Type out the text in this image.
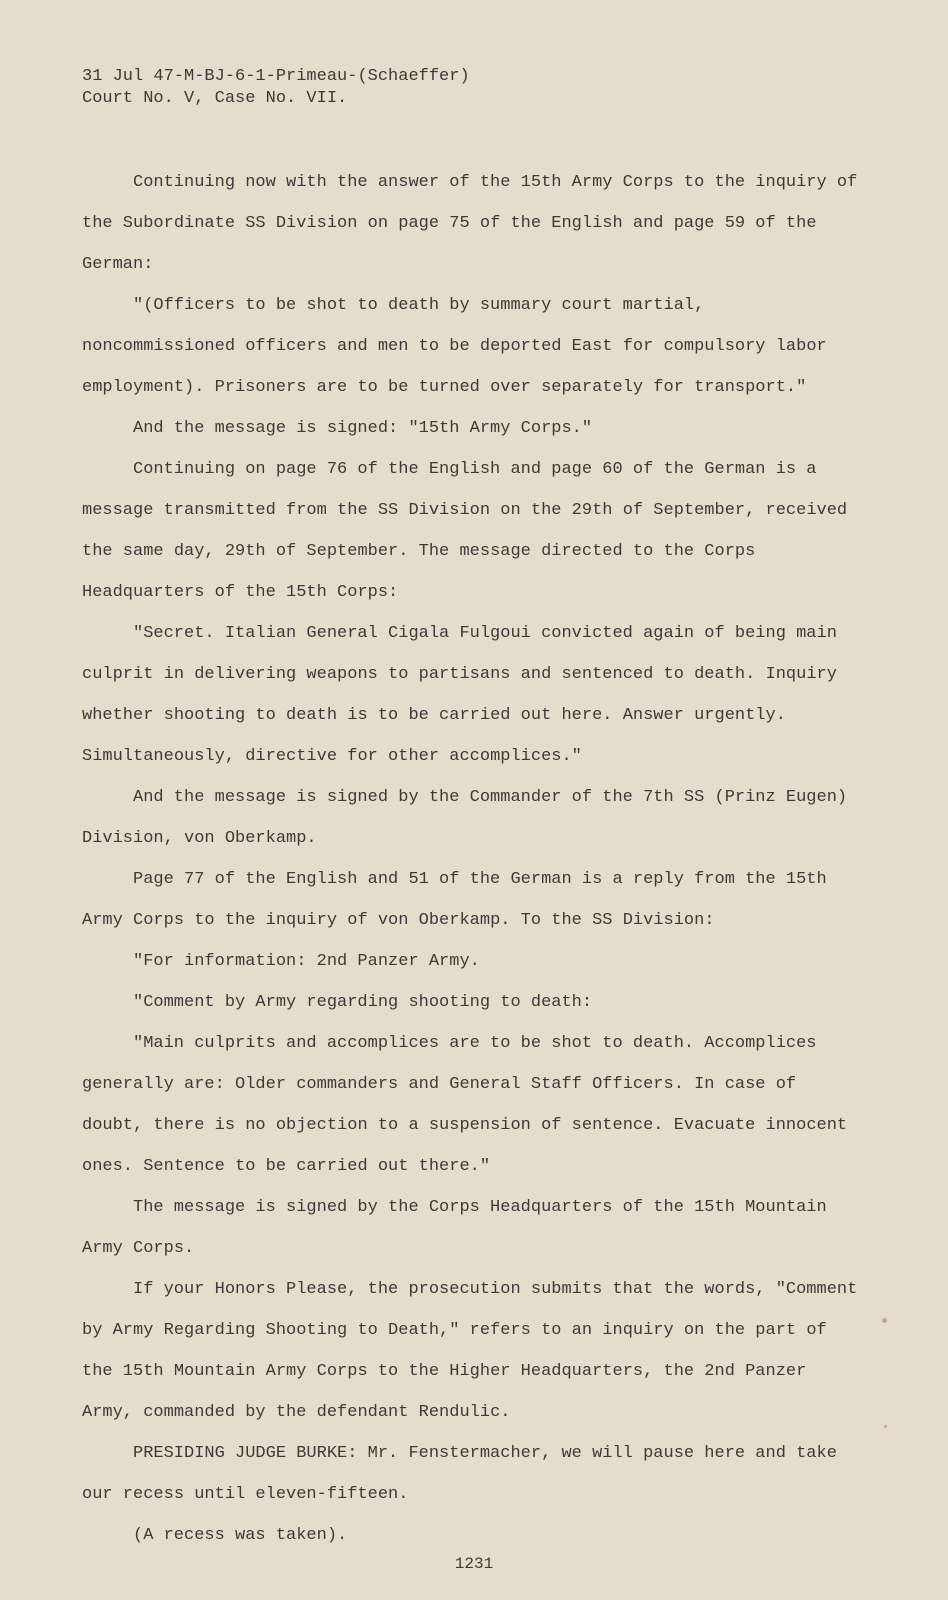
31 Jul 47-M-BJ-6-1-Primeau-(Schaeffer)
Court No. V, Case No. VII.

Continuing now with the answer of the 15th Army Corps to the inquiry of the Subordinate SS Division on page 75 of the English and page 59 of the German:

"(Officers to be shot to death by summary court martial, noncommissioned officers and men to be deported East for compulsory labor employment). Prisoners are to be turned over separately for transport."

And the message is signed: "15th Army Corps."

Continuing on page 76 of the English and page 60 of the German is a message transmitted from the SS Division on the 29th of September, received the same day, 29th of September. The message directed to the Corps Headquarters of the 15th Corps:

"Secret. Italian General Cigala Fulgoui convicted again of being main culprit in delivering weapons to partisans and sentenced to death. Inquiry whether shooting to death is to be carried out here. Answer urgently. Simultaneously, directive for other accomplices."

And the message is signed by the Commander of the 7th SS (Prinz Eugen) Division, von Oberkamp.

Page 77 of the English and 51 of the German is a reply from the 15th Army Corps to the inquiry of von Oberkamp. To the SS Division:

"For information: 2nd Panzer Army.

"Comment by Army regarding shooting to death:

"Main culprits and accomplices are to be shot to death. Accomplices generally are: Older commanders and General Staff Officers. In case of doubt, there is no objection to a suspension of sentence. Evacuate innocent ones. Sentence to be carried out there."

The message is signed by the Corps Headquarters of the 15th Mountain Army Corps.

If your Honors Please, the prosecution submits that the words, "Comment by Army Regarding Shooting to Death," refers to an inquiry on the part of the 15th Mountain Army Corps to the Higher Headquarters, the 2nd Panzer Army, commanded by the defendant Rendulic.

PRESIDING JUDGE BURKE: Mr. Fenstermacher, we will pause here and take our recess until eleven-fifteen.

(A recess was taken).

1231
